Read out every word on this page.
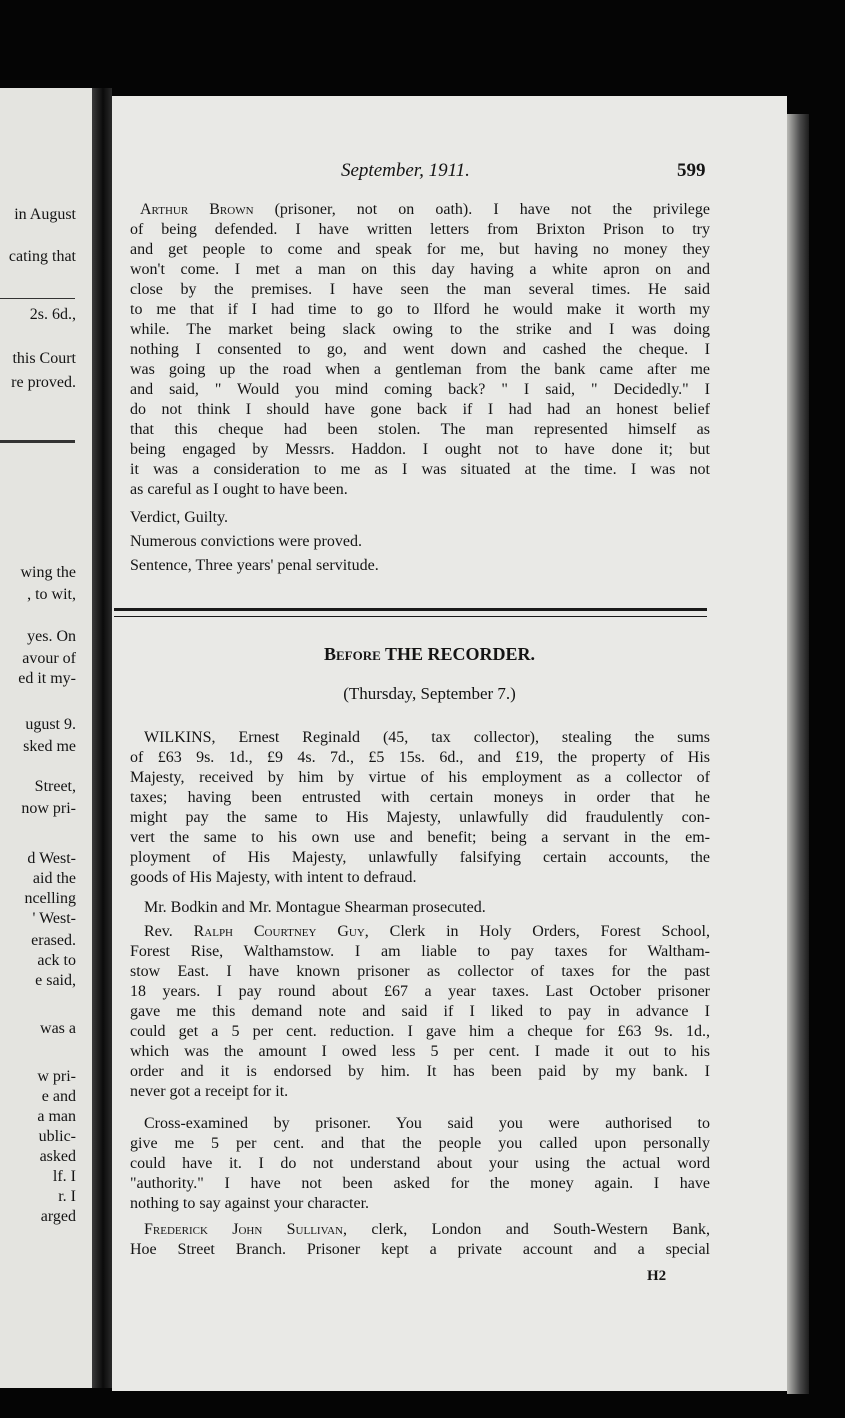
in August
cating that
2s. 6d.,
this Court
re proved.
wing the
, to wit,
yes. On
avour of
ed it my-
ugust 9.
sked me
Street,
now pri-
d West-
aid the
ncelling
' West-
erased.
ack to
e said,
was a
w pri-
e and
a man
ublic-
asked
lf. I
r. I
arged
September, 1911.	599
Arthur Brown (prisoner, not on oath). I have not the privilege
of being defended. I have written letters from Brixton Prison to try
and get people to come and speak for me, but having no money they
won't come. I met a man on this day having a white apron on and
close by the premises. I have seen the man several times. He said
to me that if I had time to go to Ilford he would make it worth my
while. The market being slack owing to the strike and I was doing
nothing I consented to go, and went down and cashed the cheque. I
was going up the road when a gentleman from the bank came after me
and said, " Would you mind coming back? " I said, " Decidedly." I
do not think I should have gone back if I had had an honest belief
that this cheque had been stolen. The man represented himself as
being engaged by Messrs. Haddon. I ought not to have done it; but
it was a consideration to me as I was situated at the time. I was not
as careful as I ought to have been.
Verdict, Guilty.
Numerous convictions were proved.
Sentence, Three years' penal servitude.
Before THE RECORDER.
(Thursday, September 7.)
WILKINS, Ernest Reginald (45, tax collector), stealing the sums
of £63 9s. 1d., £9 4s. 7d., £5 15s. 6d., and £19, the property of His
Majesty, received by him by virtue of his employment as a collector of
taxes; having been entrusted with certain moneys in order that he
might pay the same to His Majesty, unlawfully did fraudulently con-
vert the same to his own use and benefit; being a servant in the em-
ployment of His Majesty, unlawfully falsifying certain accounts, the
goods of His Majesty, with intent to defraud.
Mr. Bodkin and Mr. Montague Shearman prosecuted.
Rev. Ralph Courtney Guy, Clerk in Holy Orders, Forest School,
Forest Rise, Walthamstow. I am liable to pay taxes for Waltham-
stow East. I have known prisoner as collector of taxes for the past
18 years. I pay round about £67 a year taxes. Last October prisoner
gave me this demand note and said if I liked to pay in advance I
could get a 5 per cent. reduction. I gave him a cheque for £63 9s. 1d.,
which was the amount I owed less 5 per cent. I made it out to his
order and it is endorsed by him. It has been paid by my bank. I
never got a receipt for it.
Cross-examined by prisoner. You said you were authorised to
give me 5 per cent. and that the people you called upon personally
could have it. I do not understand about your using the actual word
"authority." I have not been asked for the money again. I have
nothing to say against your character.
Frederick John Sullivan, clerk, London and South-Western Bank,
Hoe Street Branch. Prisoner kept a private account and a special
H2
